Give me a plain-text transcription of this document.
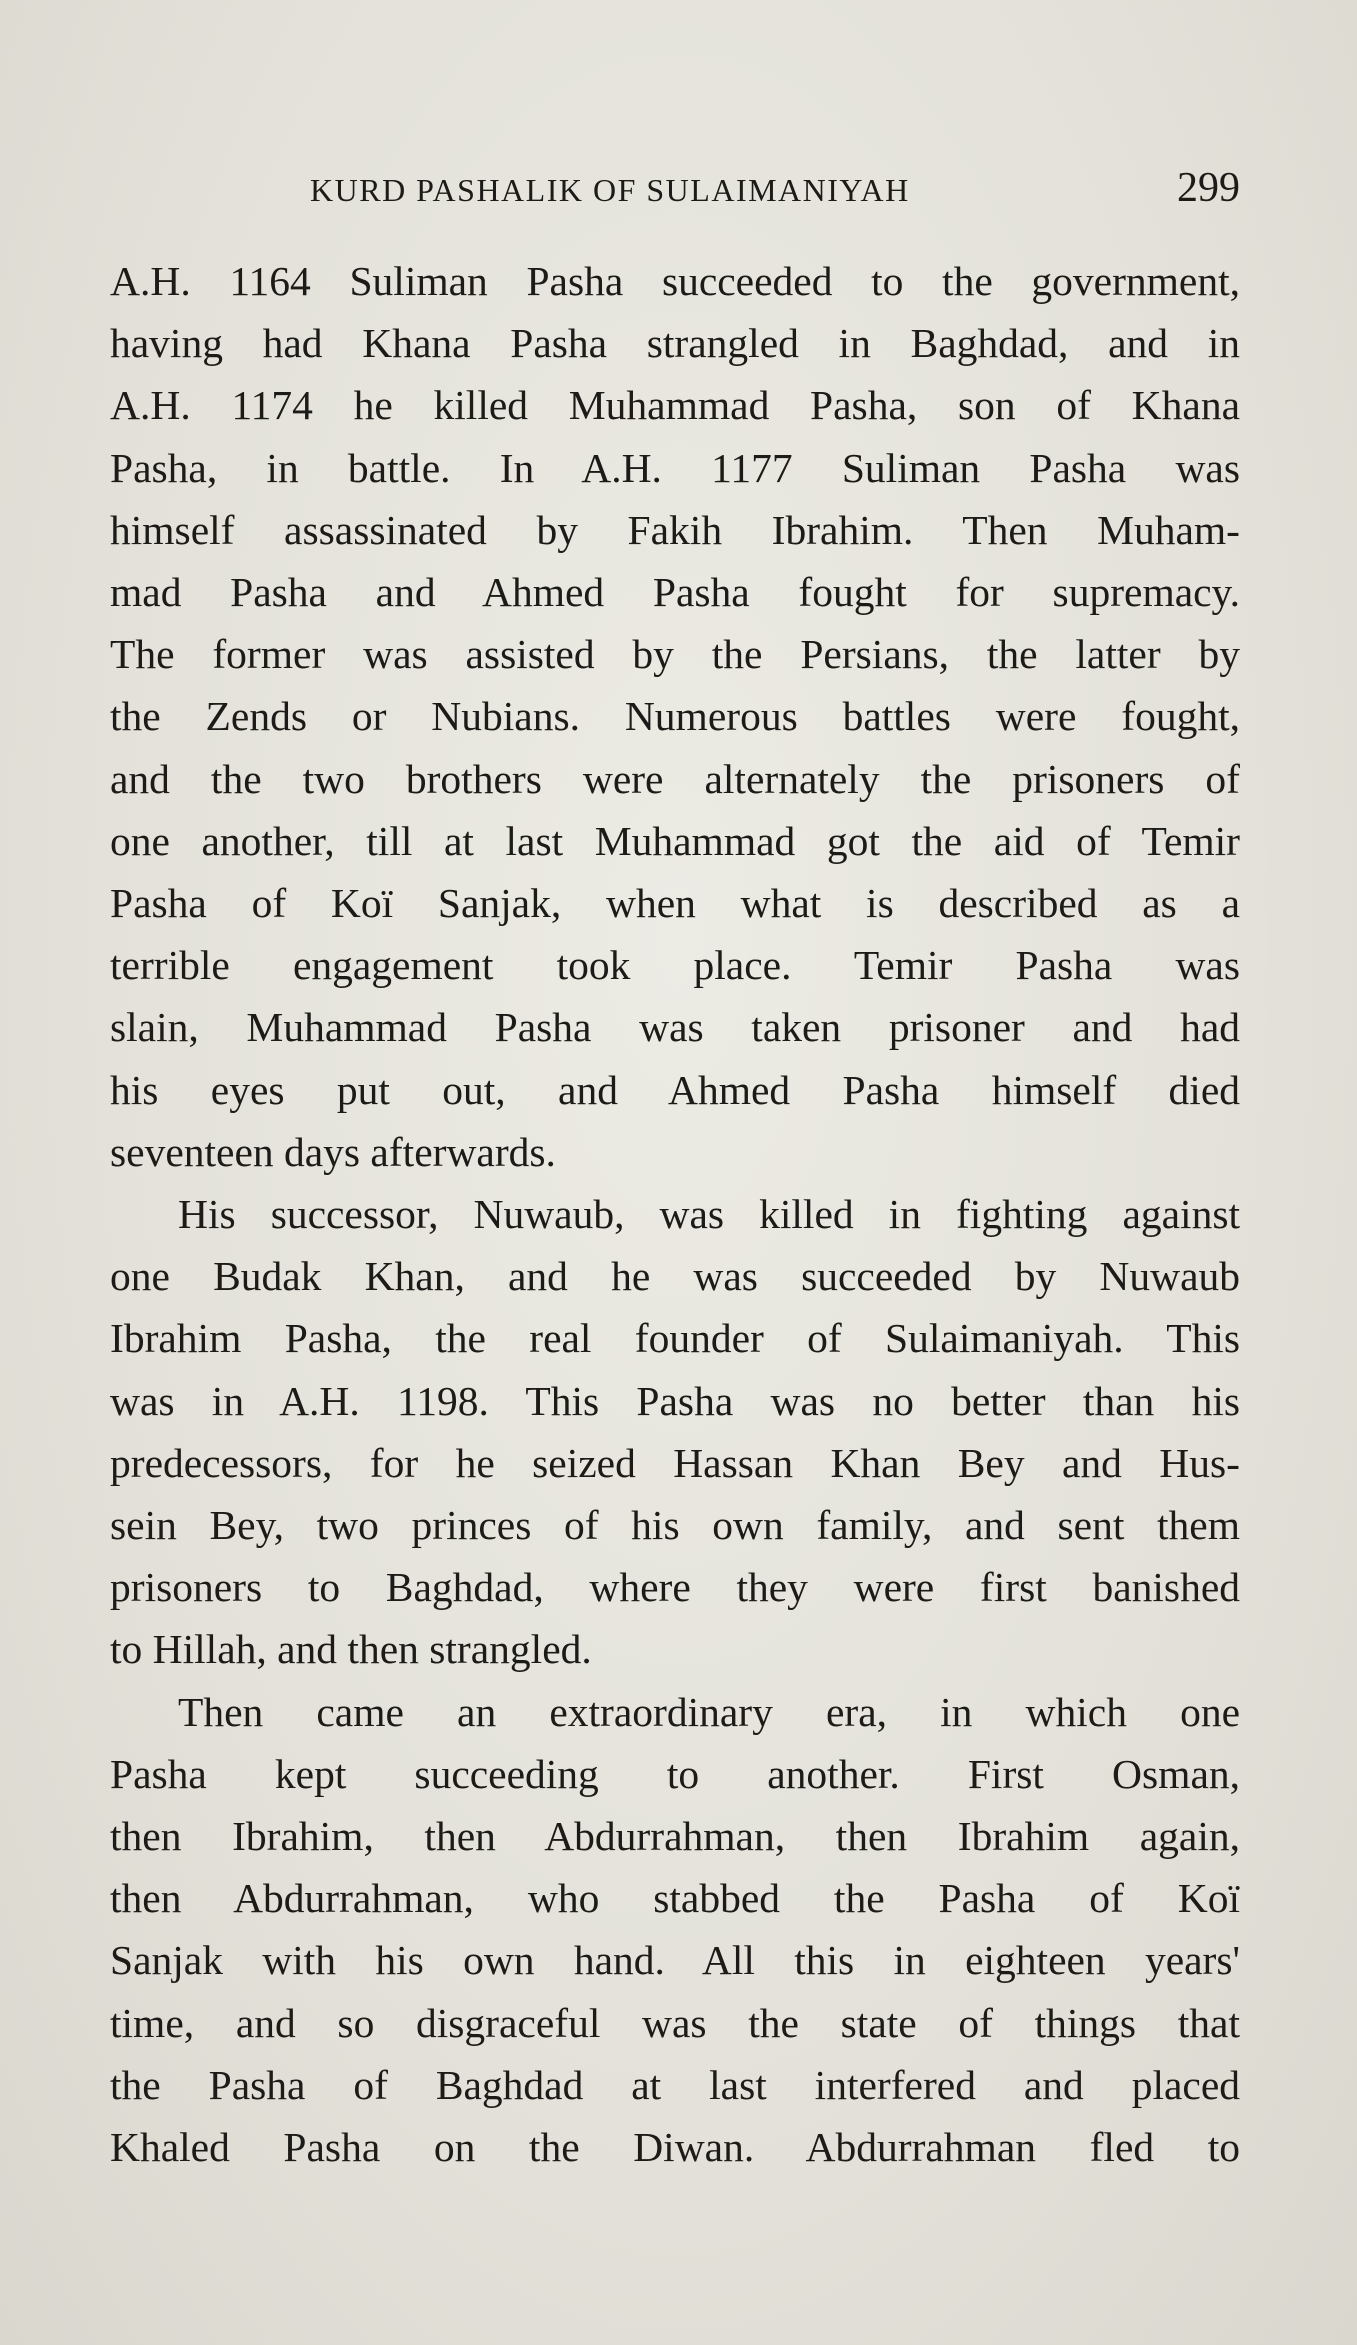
KURD PASHALIK OF SULAIMANIYAH	299
A.H. 1164 Suliman Pasha succeeded to the government,
having had Khana Pasha strangled in Baghdad, and in
A.H. 1174 he killed Muhammad Pasha, son of Khana
Pasha, in battle. In A.H. 1177 Suliman Pasha was
himself assassinated by Fakih Ibrahim. Then Muham-
mad Pasha and Ahmed Pasha fought for supremacy.
The former was assisted by the Persians, the latter by
the Zends or Nubians. Numerous battles were fought,
and the two brothers were alternately the prisoners of
one another, till at last Muhammad got the aid of Temir
Pasha of Koï Sanjak, when what is described as a
terrible engagement took place. Temir Pasha was
slain, Muhammad Pasha was taken prisoner and had
his eyes put out, and Ahmed Pasha himself died
seventeen days afterwards.
His successor, Nuwaub, was killed in fighting against
one Budak Khan, and he was succeeded by Nuwaub
Ibrahim Pasha, the real founder of Sulaimaniyah. This
was in A.H. 1198. This Pasha was no better than his
predecessors, for he seized Hassan Khan Bey and Hus-
sein Bey, two princes of his own family, and sent them
prisoners to Baghdad, where they were first banished
to Hillah, and then strangled.
Then came an extraordinary era, in which one
Pasha kept succeeding to another. First Osman,
then Ibrahim, then Abdurrahman, then Ibrahim again,
then Abdurrahman, who stabbed the Pasha of Koï
Sanjak with his own hand. All this in eighteen years'
time, and so disgraceful was the state of things that
the Pasha of Baghdad at last interfered and placed
Khaled Pasha on the Diwan. Abdurrahman fled to
